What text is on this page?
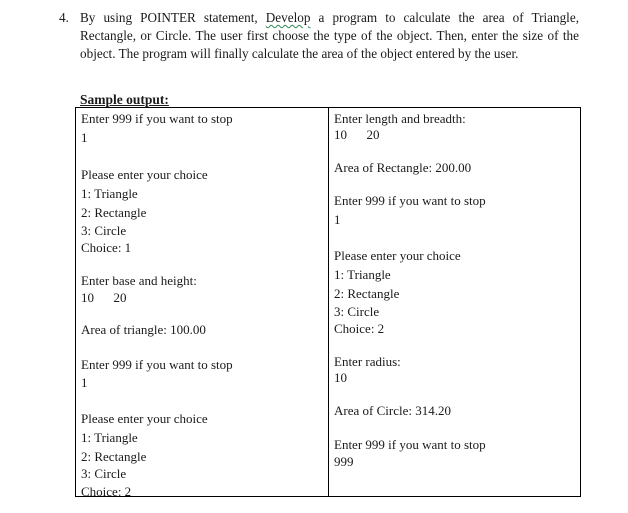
4. By using POINTER statement, Develop a program to calculate the area of Triangle, Rectangle, or Circle. The user first choose the type of the object. Then, enter the size of the object. The program will finally calculate the area of the object entered by the user.
Sample output:
Enter 999 if you want to stop
1
Please enter your choice
1: Triangle
2: Rectangle
3: Circle
Choice: 1
Enter base and height:
10      20
Area of triangle: 100.00
Enter 999 if you want to stop
1
Please enter your choice
1: Triangle
2: Rectangle
3: Circle
Choice: 2
Enter length and breadth:
10      20
Area of Rectangle: 200.00
Enter 999 if you want to stop
1
Please enter your choice
1: Triangle
2: Rectangle
3: Circle
Choice: 2
Enter radius:
10
Area of Circle: 314.20
Enter 999 if you want to stop
999
